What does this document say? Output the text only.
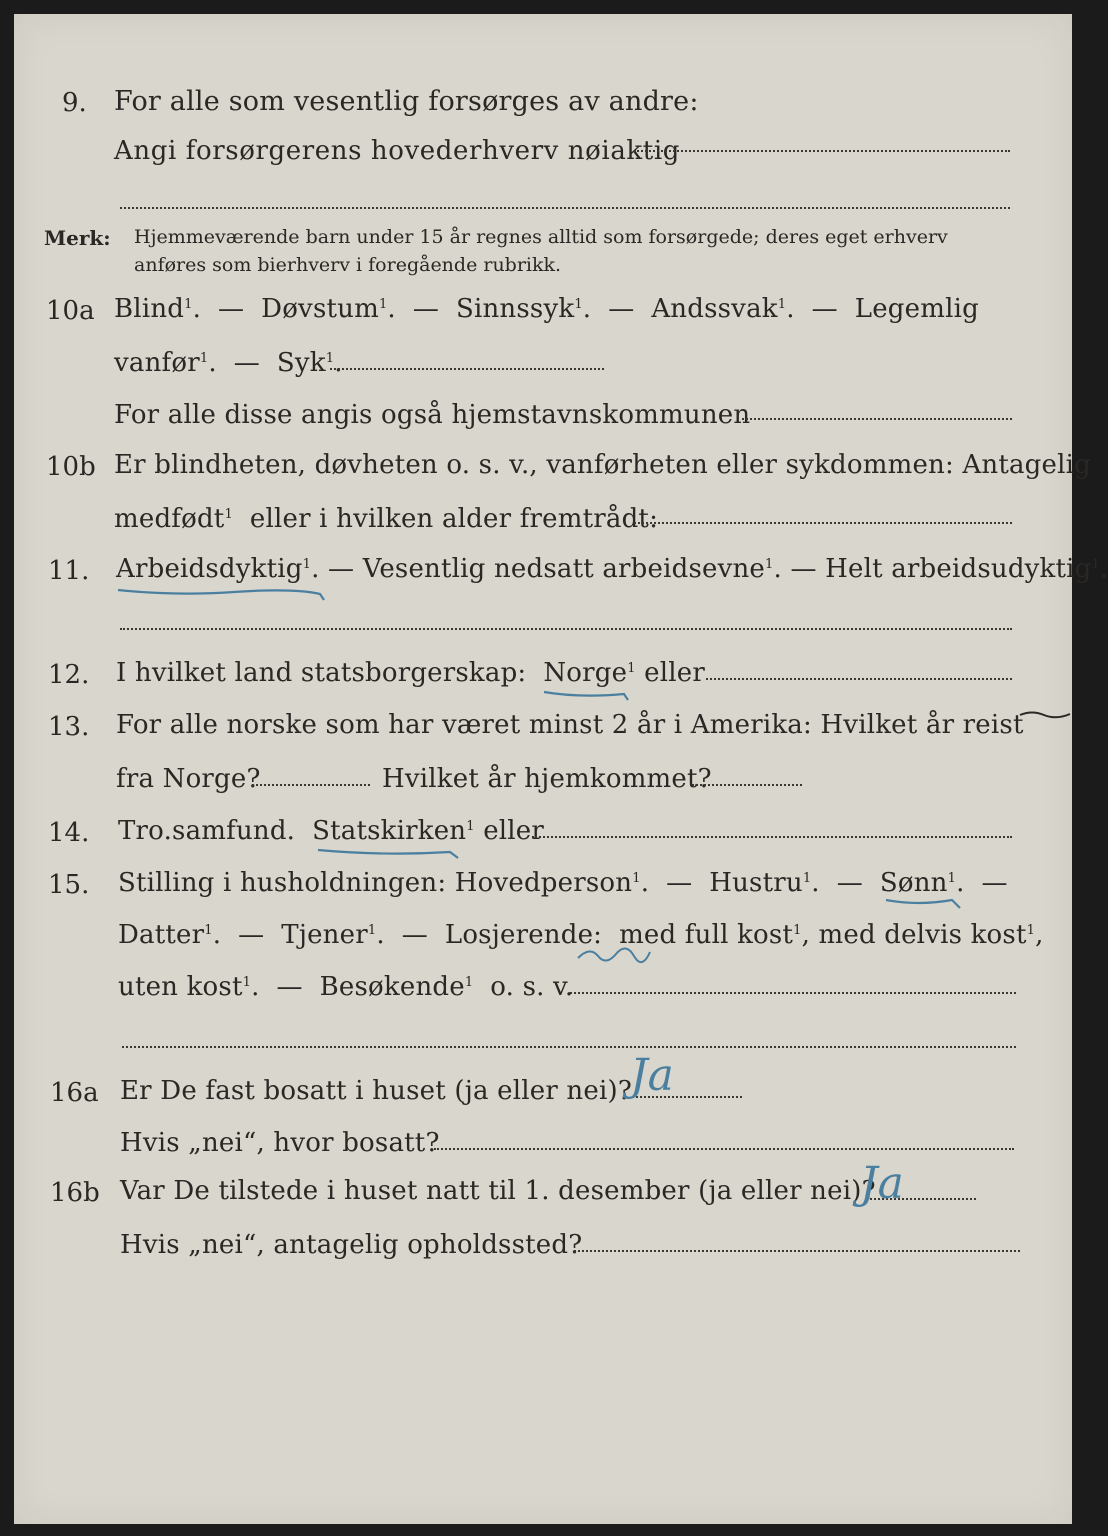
9. For alle som vesentlig forsørges av andre:
Angi forsørgerens hovederhverv nøiaktig
Merk: Hjemmeværende barn under 15 år regnes alltid som forsørgede; deres eget erhverv
anføres som bierhverv i foregående rubrikk.
10a Blind$^1$.  —  Døvstum$^1$.  —  Sinnssyk$^1$.  —  Andssvak$^1$.  —  Legemlig
vanfør$^1$.  —  Syk$^1$.
For alle disse angis også hjemstavnskommunen
10b Er blindheten, døvheten o. s. v., vanførheten eller sykdommen: Antagelig
medfødt$^1$ eller i hvilken alder fremtrådt:
11. Arbeidsdyktig$^1$. — Vesentlig nedsatt arbeidsevne$^1$. — Helt arbeidsudyktig$^1$.
12. I hvilket land statsborgerskap: Norge$^1$ eller
13. For alle norske som har været minst 2 år i Amerika: Hvilket år reist
fra Norge?	Hvilket år hjemkommet?
14. Tro.samfund. Statskirken$^1$ eller
15. Stilling i husholdningen: Hovedperson$^1$.  —  Hustru$^1$.  —  Sønn$^1$.  —
Datter$^1$.  —  Tjener$^1$.  —  Losjerende: med full kost$^1$, med delvis kost$^1$,
uten kost$^1$.  —  Besøkende$^1$ o. s. v.
16a Er De fast bosatt i huset (ja eller nei)?
Ja
Hvis „nei“, hvor bosatt?
16b Var De tilstede i huset natt til 1. desember (ja eller nei)?
Ja
Hvis „nei“, antagelig opholdssted?
